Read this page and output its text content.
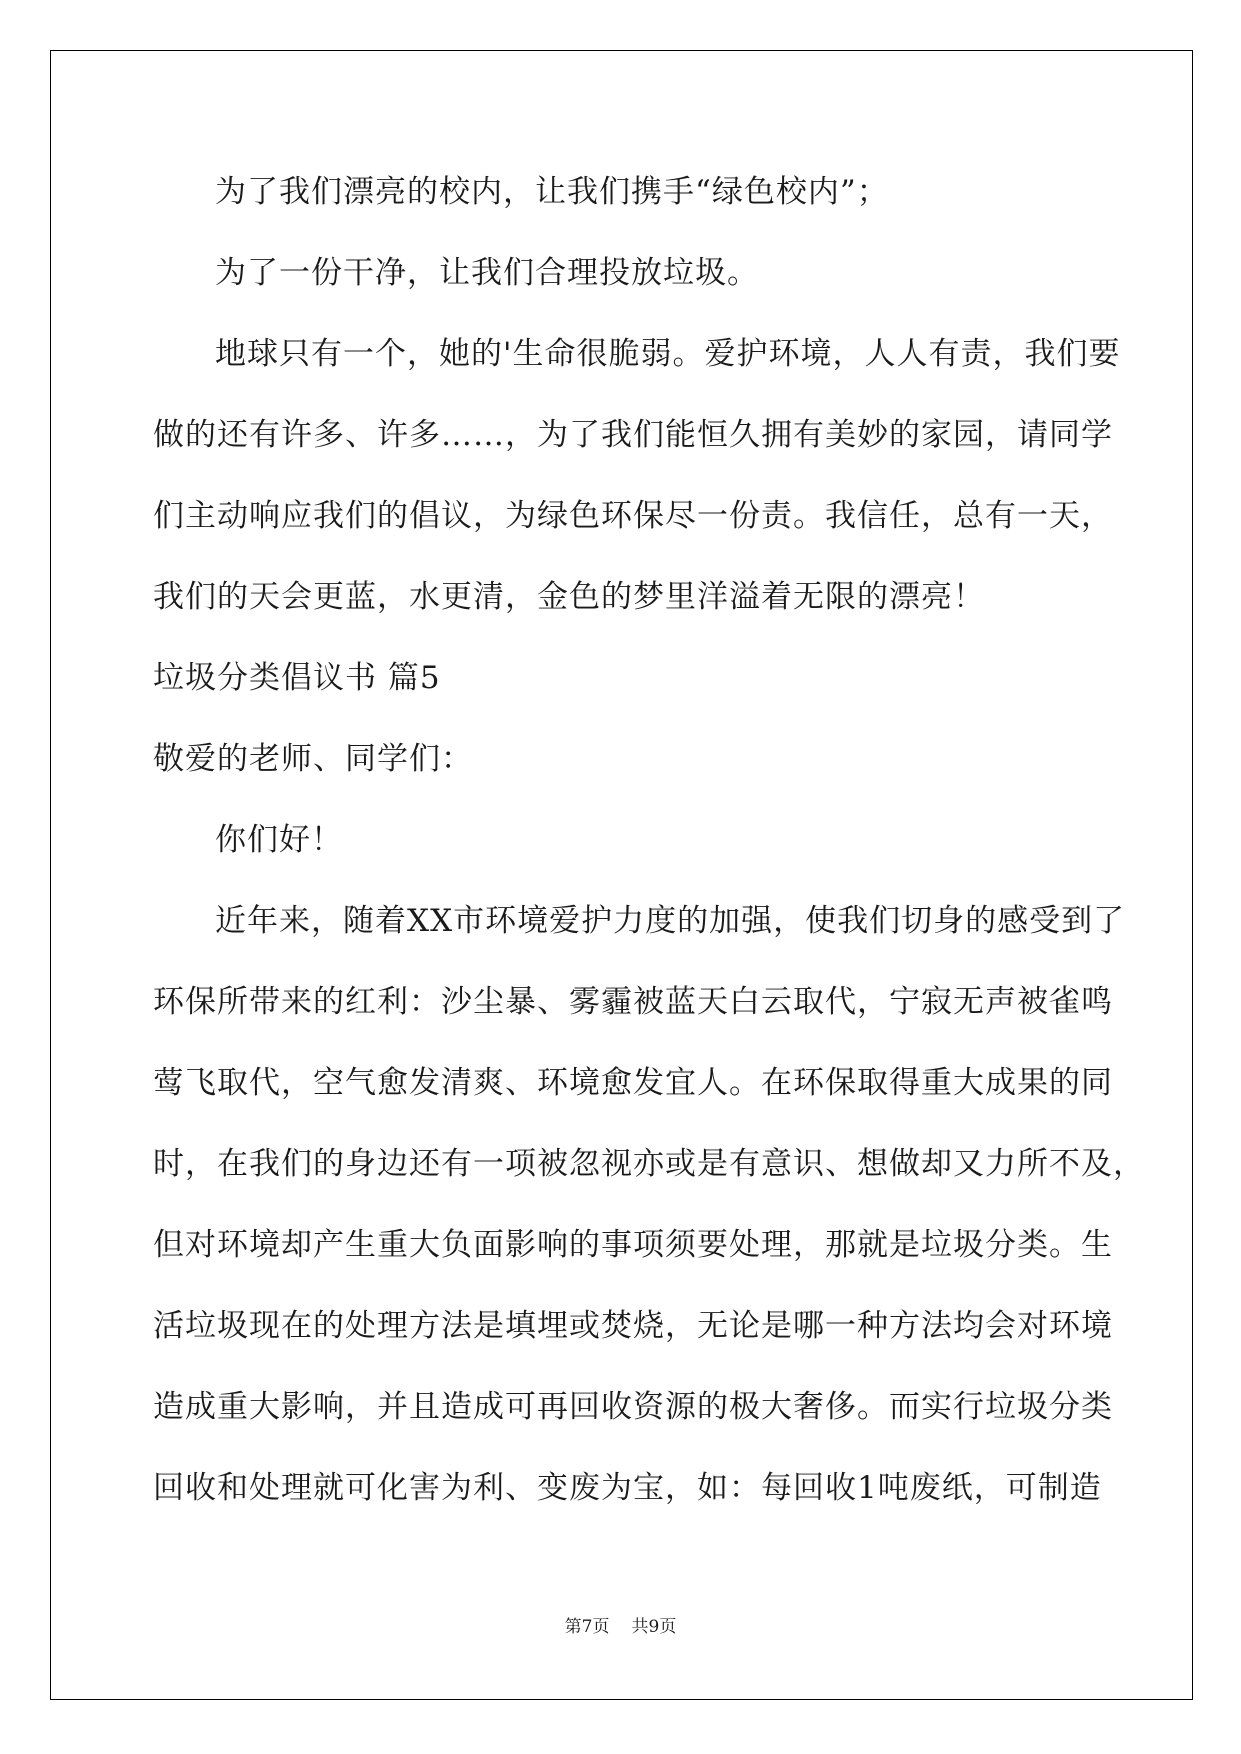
为了我们漂亮的校内，让我们携手“绿色校内”；
为了一份干净，让我们合理投放垃圾。
地球只有一个，她的'生命很脆弱。爱护环境，人人有责，我们要
做的还有许多、许多……，为了我们能恒久拥有美妙的家园，请同学
们主动响应我们的倡议，为绿色环保尽一份责。我信任，总有一天，
我们的天会更蓝，水更清，金色的梦里洋溢着无限的漂亮！
垃圾分类倡议书 篇5
敬爱的老师、同学们：
你们好！
近年来，随着XX市环境爱护力度的加强，使我们切身的感受到了
环保所带来的红利：沙尘暴、雾霾被蓝天白云取代，宁寂无声被雀鸣
莺飞取代，空气愈发清爽、环境愈发宜人。在环保取得重大成果的同
时，在我们的身边还有一项被忽视亦或是有意识、想做却又力所不及，
但对环境却产生重大负面影响的事项须要处理，那就是垃圾分类。生
活垃圾现在的处理方法是填埋或焚烧，无论是哪一种方法均会对环境
造成重大影响，并且造成可再回收资源的极大奢侈。而实行垃圾分类
回收和处理就可化害为利、变废为宝，如：每回收1吨废纸，可制造
第7页 共9页
